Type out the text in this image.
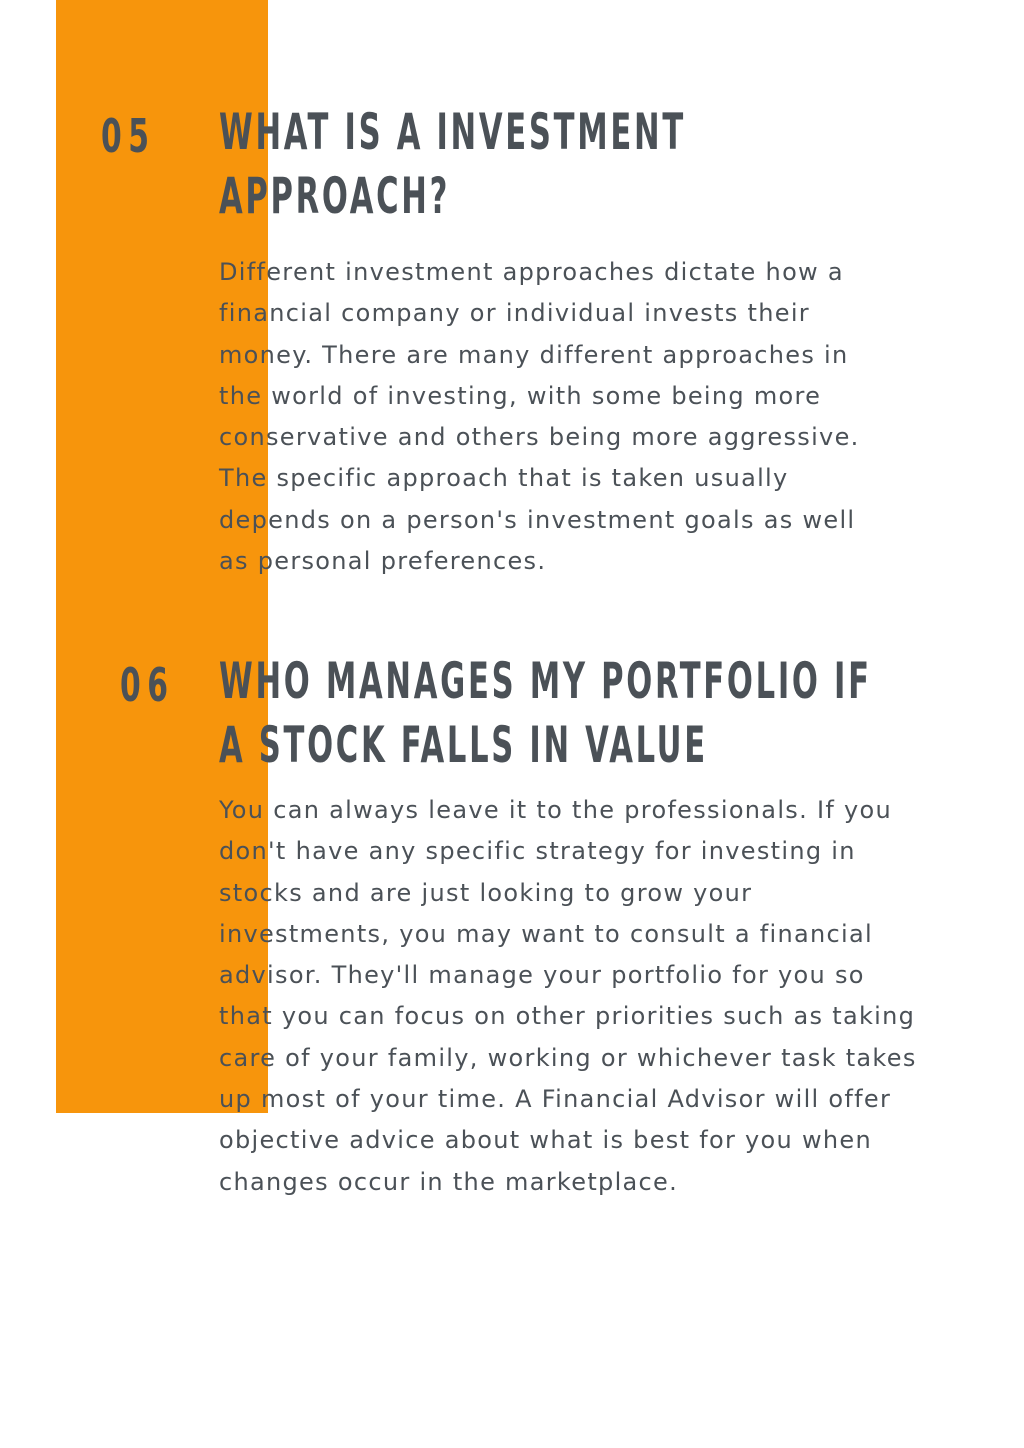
05 WHAT IS A INVESTMENT
APPROACH?

Different investment approaches dictate how a
financial company or individual invests their
money. There are many different approaches in
the world of investing, with some being more
conservative and others being more aggressive.
The specific approach that is taken usually
depends on a person's investment goals as well
as personal preferences.

06 WHO MANAGES MY PORTFOLIO IF
A STOCK FALLS IN VALUE

You can always leave it to the professionals. If you
don't have any specific strategy for investing in
stocks and are just looking to grow your
investments, you may want to consult a financial
advisor. They'll manage your portfolio for you so
that you can focus on other priorities such as taking
care of your family, working or whichever task takes
up most of your time. A Financial Advisor will offer
objective advice about what is best for you when
changes occur in the marketplace.
